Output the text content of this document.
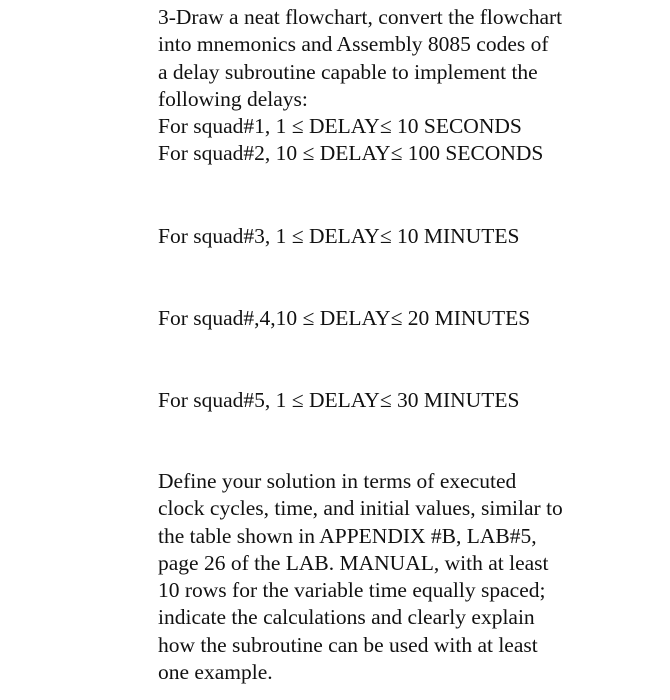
3-Draw a neat flowchart, convert the flowchart
into mnemonics and Assembly 8085 codes of
a delay subroutine capable to implement the
following delays:
For squad#1, 1 ≤ DELAY≤ 10 SECONDS
For squad#2, 10 ≤ DELAY≤ 100 SECONDS

For squad#3, 1 ≤ DELAY≤ 10 MINUTES

For squad#,4,10 ≤ DELAY≤ 20 MINUTES

For squad#5, 1 ≤ DELAY≤ 30 MINUTES

Define your solution in terms of executed
clock cycles, time, and initial values, similar to
the table shown in APPENDIX #B, LAB#5,
page 26 of the LAB. MANUAL, with at least
10 rows for the variable time equally spaced;
indicate the calculations and clearly explain
how the subroutine can be used with at least
one example.
